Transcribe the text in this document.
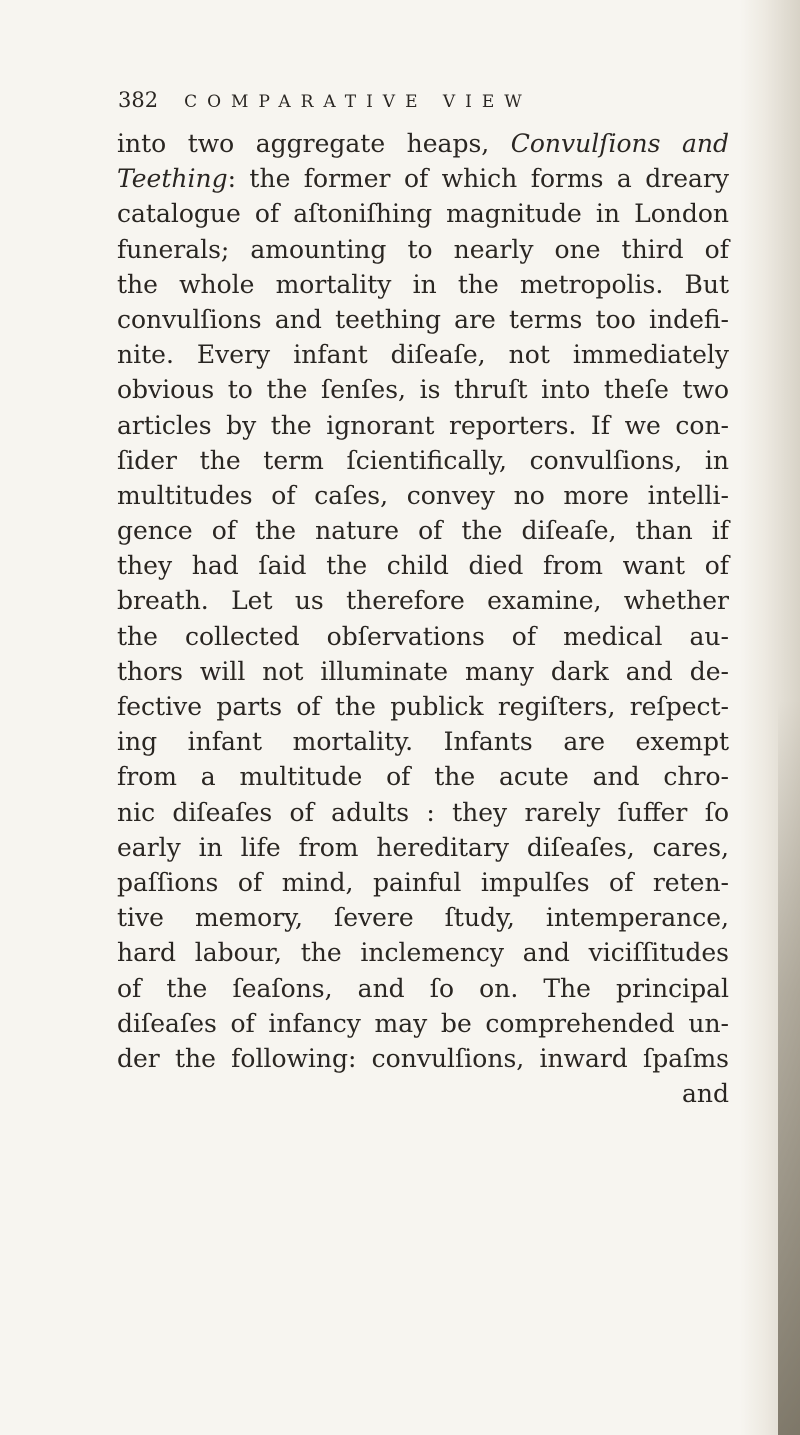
382 COMPARATIVE VIEW
into two aggregate heaps, Convulſions and
Teething: the former of which forms a dreary
catalogue of aſtoniſhing magnitude in London
funerals; amounting to nearly one third of
the whole mortality in the metropolis. But
convulſions and teething are terms too indefi-
nite. Every infant diſeaſe, not immediately
obvious to the ſenſes, is thruſt into theſe two
articles by the ignorant reporters. If we con-
ſider the term ſcientifically, convulſions, in
multitudes of caſes, convey no more intelli-
gence of the nature of the diſeaſe, than if
they had ſaid the child died from want of
breath. Let us therefore examine, whether
the collected obſervations of medical au-
thors will not illuminate many dark and de-
fective parts of the publick regiſters, reſpect-
ing infant mortality. Infants are exempt
from a multitude of the acute and chro-
nic diſeaſes of adults : they rarely ſuffer ſo
early in life from hereditary diſeaſes, cares,
paſſions of mind, painful impulſes of reten-
tive memory, ſevere ſtudy, intemperance,
hard labour, the inclemency and viciſſitudes
of the ſeaſons, and ſo on. The principal
diſeaſes of infancy may be comprehended un-
der the following: convulſions, inward ſpaſms
and
